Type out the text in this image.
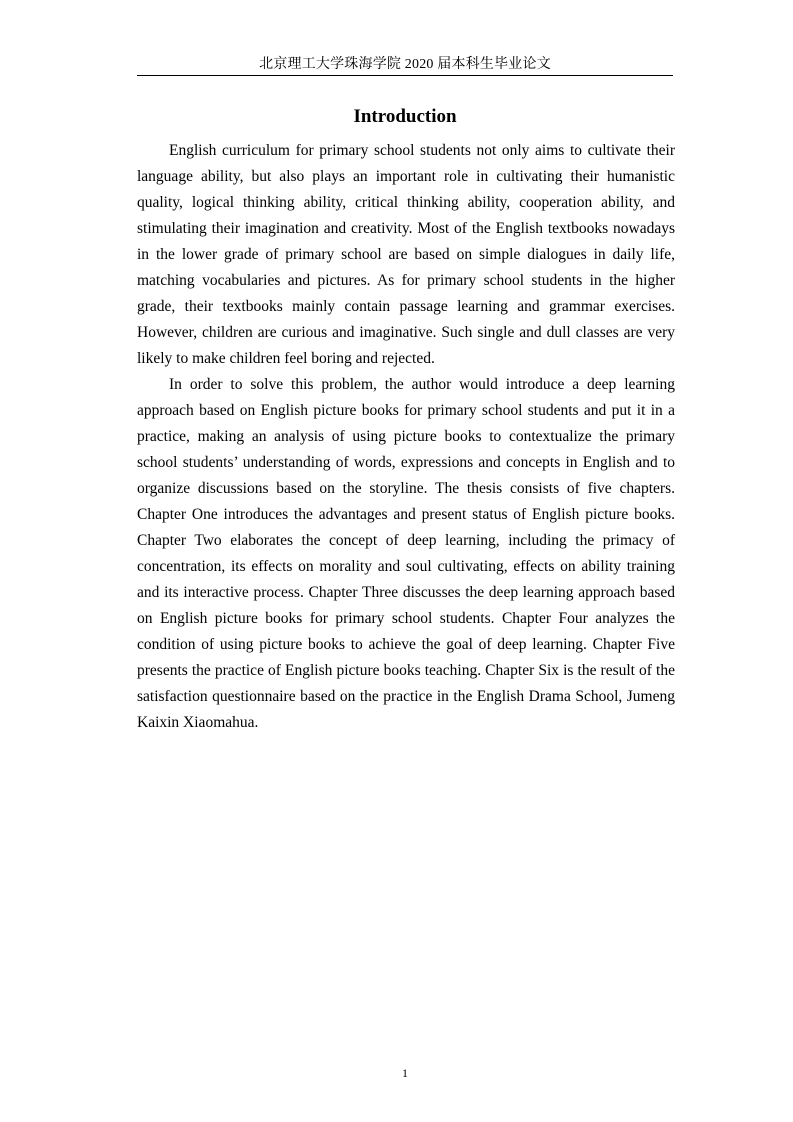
北京理工大学珠海学院 2020 届本科生毕业论文
Introduction

English curriculum for primary school students not only aims to cultivate their language ability, but also plays an important role in cultivating their humanistic quality, logical thinking ability, critical thinking ability, cooperation ability, and stimulating their imagination and creativity. Most of the English textbooks nowadays in the lower grade of primary school are based on simple dialogues in daily life, matching vocabularies and pictures. As for primary school students in the higher grade, their textbooks mainly contain passage learning and grammar exercises. However, children are curious and imaginative. Such single and dull classes are very likely to make children feel boring and rejected.

In order to solve this problem, the author would introduce a deep learning approach based on English picture books for primary school students and put it in a practice, making an analysis of using picture books to contextualize the primary school students’ understanding of words, expressions and concepts in English and to organize discussions based on the storyline. The thesis consists of five chapters. Chapter One introduces the advantages and present status of English picture books. Chapter Two elaborates the concept of deep learning, including the primacy of concentration, its effects on morality and soul cultivating, effects on ability training and its interactive process. Chapter Three discusses the deep learning approach based on English picture books for primary school students. Chapter Four analyzes the condition of using picture books to achieve the goal of deep learning. Chapter Five presents the practice of English picture books teaching. Chapter Six is the result of the satisfaction questionnaire based on the practice in the English Drama School, Jumeng Kaixin Xiaomahua.

1
